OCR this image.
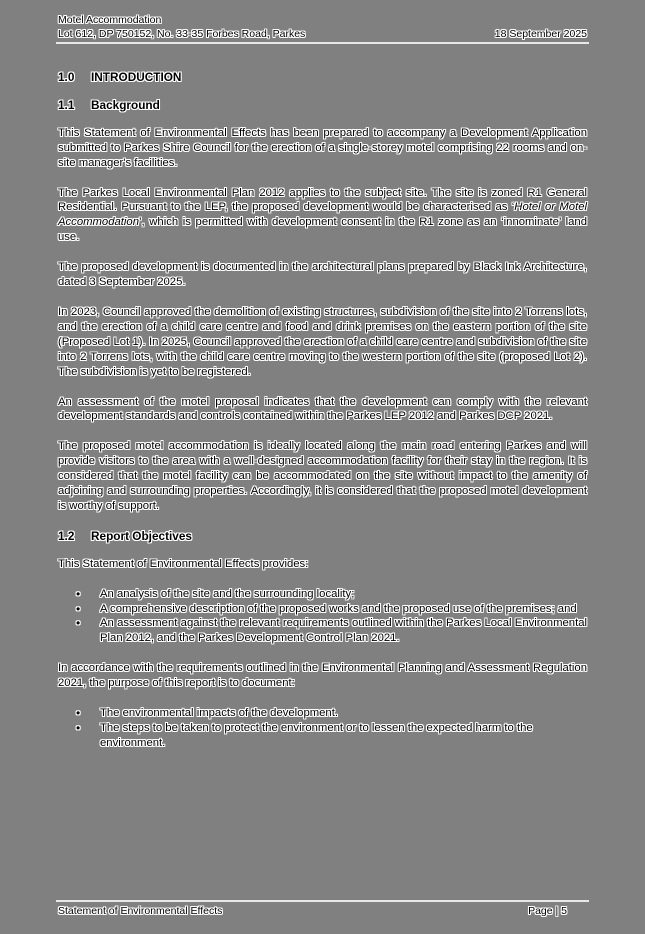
Motel Accommodation
Lot 612, DP 750152, No. 33-35 Forbes Road, Parkes	18 September 2025
1.0	INTRODUCTION
1.1	Background

This Statement of Environmental Effects has been prepared to accompany a Development Application submitted to Parkes Shire Council for the erection of a single-storey motel comprising 22 rooms and on-site manager's facilities.

The Parkes Local Environmental Plan 2012 applies to the subject site. The site is zoned R1 General Residential. Pursuant to the LEP, the proposed development would be characterised as ‘Hotel or Motel Accommodation’, which is permitted with development consent in the R1 zone as an ‘innominate’ land use.

The proposed development is documented in the architectural plans prepared by Black Ink Architecture, dated 3 September 2025.

In 2023, Council approved the demolition of existing structures, subdivision of the site into 2 Torrens lots, and the erection of a child care centre and food and drink premises on the eastern portion of the site (Proposed Lot 1). In 2025, Council approved the erection of a child care centre and subdivision of the site into 2 Torrens lots, with the child care centre moving to the western portion of the site (proposed Lot 2). The subdivision is yet to be registered.

An assessment of the motel proposal indicates that the development can comply with the relevant development standards and controls contained within the Parkes LEP 2012 and Parkes DCP 2021.

The proposed motel accommodation is ideally located along the main road entering Parkes and will provide visitors to the area with a well-designed accommodation facility for their stay in the region. It is considered that the motel facility can be accommodated on the site without impact to the amenity of adjoining and surrounding properties. Accordingly, it is considered that the proposed motel development is worthy of support.

1.2	Report Objectives

This Statement of Environmental Effects provides:

• An analysis of the site and the surrounding locality;
• A comprehensive description of the proposed works and the proposed use of the premises; and
• An assessment against the relevant requirements outlined within the Parkes Local Environmental Plan 2012, and the Parkes Development Control Plan 2021.

In accordance with the requirements outlined in the Environmental Planning and Assessment Regulation 2021, the purpose of this report is to document:

• The environmental impacts of the development.
• The steps to be taken to protect the environment or to lessen the expected harm to the environment.
Statement of Environmental Effects	Page | 5
